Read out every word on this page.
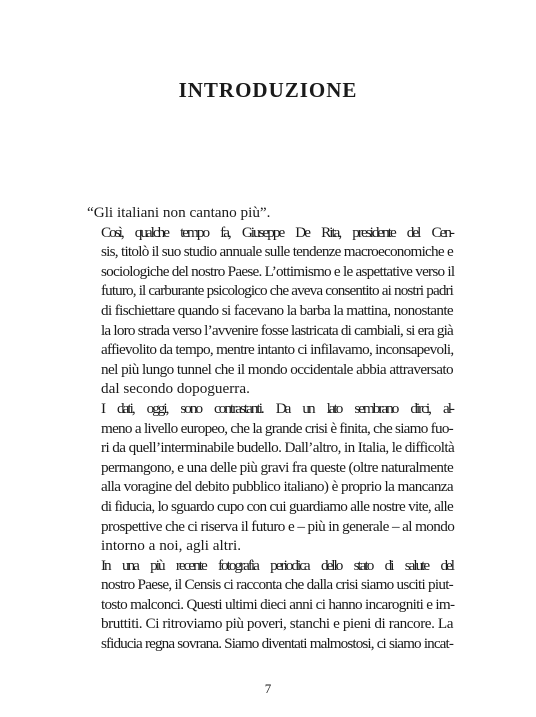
INTRODUZIONE

“Gli italiani non cantano più”.

Così, qualche tempo fa, Giuseppe De Rita, presidente del Cen-
sis, titolò il suo studio annuale sulle tendenze macroeconomiche e
sociologiche del nostro Paese. L’ottimismo e le aspettative verso il
futuro, il carburante psicologico che aveva consentito ai nostri padri
di fischiettare quando si facevano la barba la mattina, nonostante
la loro strada verso l’avvenire fosse lastricata di cambiali, si era già
affievolito da tempo, mentre intanto ci infilavamo, inconsapevoli,
nel più lungo tunnel che il mondo occidentale abbia attraversato
dal secondo dopoguerra.

I dati, oggi, sono contrastanti. Da un lato sembrano dirci, al-
meno a livello europeo, che la grande crisi è finita, che siamo fuo-
ri da quell’interminabile budello. Dall’altro, in Italia, le difficoltà
permangono, e una delle più gravi fra queste (oltre naturalmente
alla voragine del debito pubblico italiano) è proprio la mancanza
di fiducia, lo sguardo cupo con cui guardiamo alle nostre vite, alle
prospettive che ci riserva il futuro e – più in generale – al mondo
intorno a noi, agli altri.

In una più recente fotografia periodica dello stato di salute del
nostro Paese, il Censis ci racconta che dalla crisi siamo usciti piut-
tosto malconci. Questi ultimi dieci anni ci hanno incarogniti e im-
bruttiti. Ci ritroviamo più poveri, stanchi e pieni di rancore. La
sfiducia regna sovrana. Siamo diventati malmostosi, ci siamo incat-

7
